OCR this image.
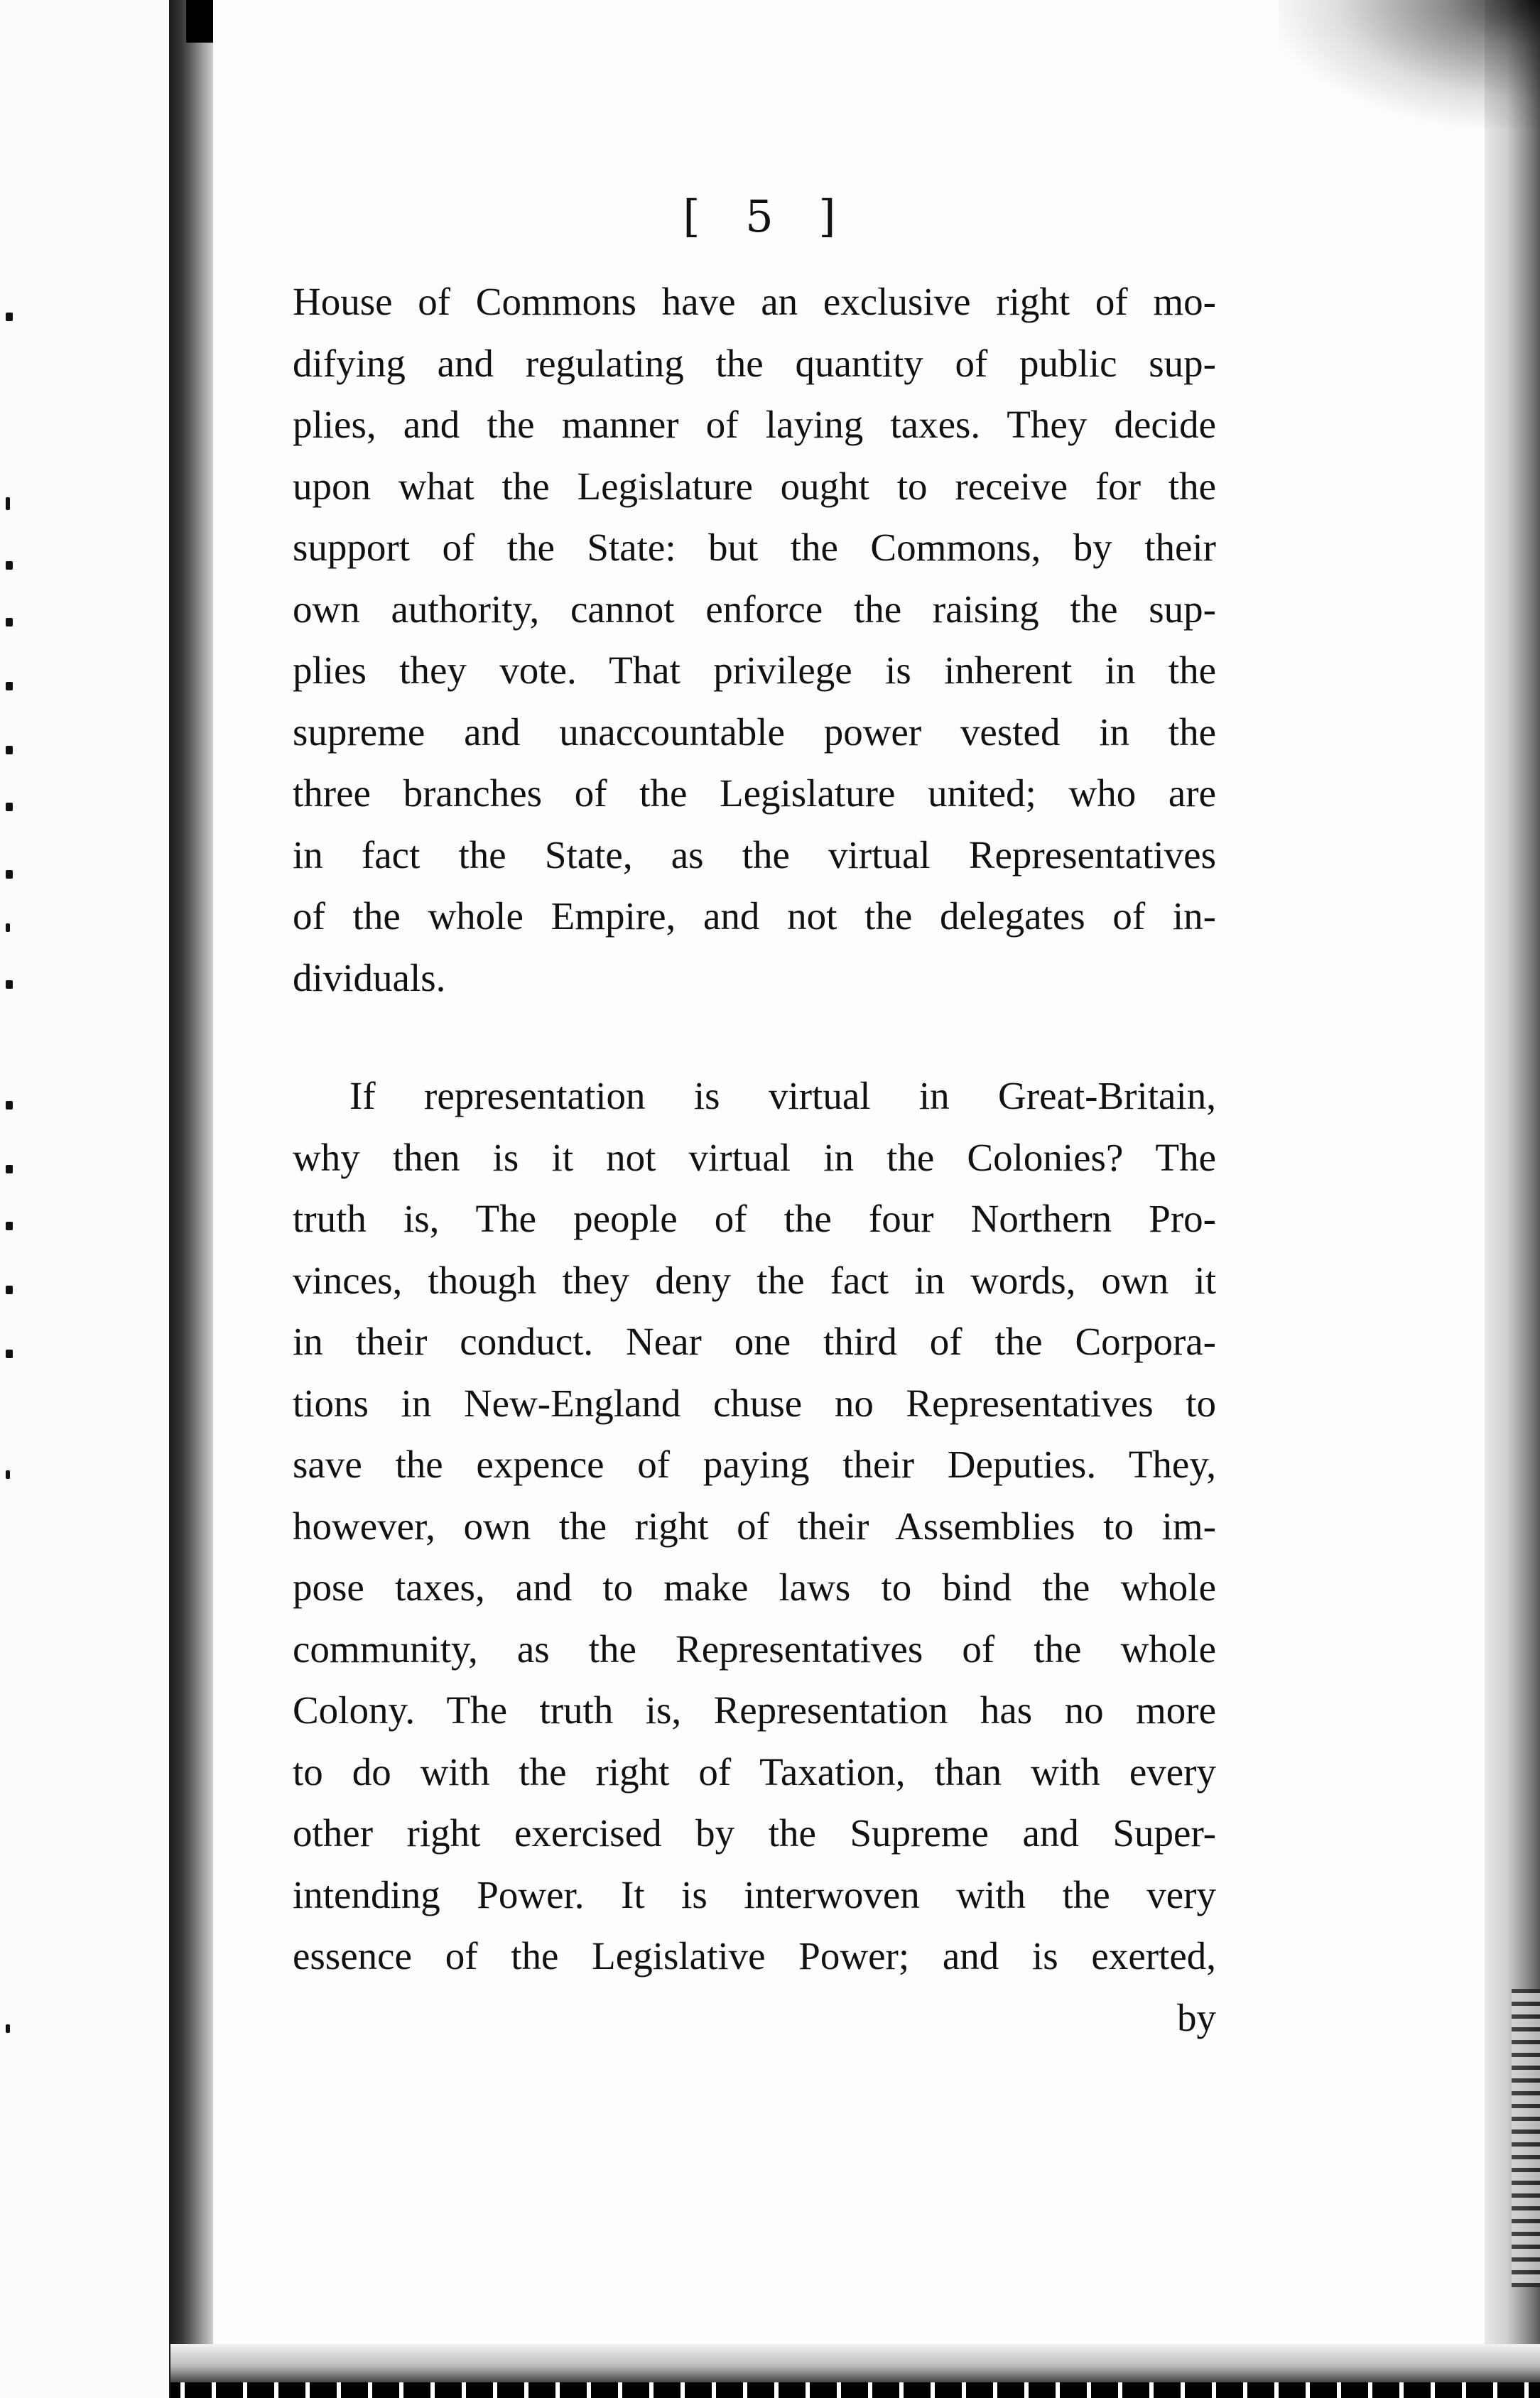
[ 5 ]
House of Commons have an exclusive right of mo-
difying and regulating the quantity of public sup-
plies, and the manner of laying taxes. They decide
upon what the Legislature ought to receive for the
support of the State: but the Commons, by their
own authority, cannot enforce the raising the sup-
plies they vote. That privilege is inherent in the
supreme and unaccountable power vested in the
three branches of the Legislature united; who are
in fact the State, as the virtual Representatives
of the whole Empire, and not the delegates of in-
dividuals.
If representation is virtual in Great-Britain,
why then is it not virtual in the Colonies? The
truth is, The people of the four Northern Pro-
vinces, though they deny the fact in words, own it
in their conduct. Near one third of the Corpora-
tions in New-England chuse no Representatives to
save the expence of paying their Deputies. They,
however, own the right of their Assemblies to im-
pose taxes, and to make laws to bind the whole
community, as the Representatives of the whole
Colony. The truth is, Representation has no more
to do with the right of Taxation, than with every
other right exercised by the Supreme and Super-
intending Power. It is interwoven with the very
essence of the Legislative Power; and is exerted,
by
